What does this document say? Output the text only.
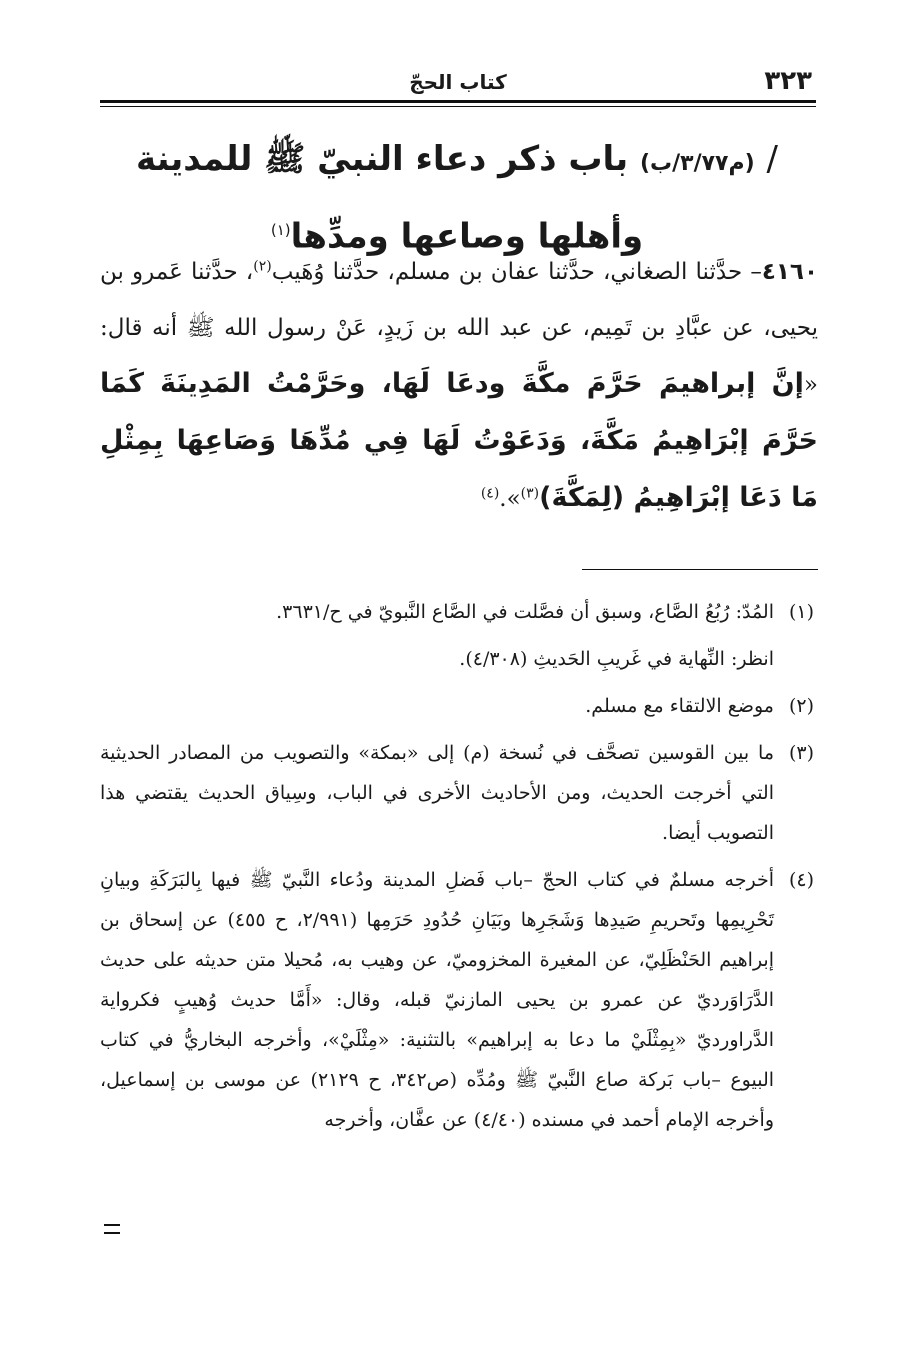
كتاب الحجّ	٣٢٣
/ (م٣/٧٧/ب) باب ذكر دعاء النبيّ ﷺ للمدينة وأهلها وصاعها ومدِّها$^{(١)}$
٤١٦٠– حدَّثنا الصغاني، حدَّثنا عفان بن مسلم، حدَّثنا وُهَيب$^{(٢)}$، حدَّثنا عَمرو بن يحيى، عن عبَّادِ بن تَمِيم، عن عبد الله بن زَيدٍ، عَنْ رسول الله ﷺ أنه قال: «إنَّ إبراهيمَ حَرَّمَ مكَّةَ ودعَا لَهَا، وحَرَّمْتُ المَدِينَةَ كَمَا حَرَّمَ إبْرَاهِيمُ مَكَّةَ، وَدَعَوْتُ لَهَا فِي مُدِّهَا وَصَاعِهَا بِمِثْلِ مَا دَعَا إبْرَاهِيمُ (لِمَكَّةَ)$^{(٣)}$».$^{(٤)}$
(١)
المُدّ: رُبُعُ الصَّاع، وسبق أن فصَّلت في الصَّاع النَّبويّ في ح/٣٦٣١.
انظر: النِّهاية في غَريبِ الحَديثِ (٤/٣٠٨).
(٢)
موضع الالتقاء مع مسلم.
(٣)
ما بين القوسين تصحَّف في نُسخة (م) إلى «بمكة» والتصويب من المصادر الحديثية التي أخرجت الحديث، ومن الأحاديث الأخرى في الباب، وسِياق الحديث يقتضي هذا التصويب أيضا.
(٤)
أخرجه مسلمٌ في كتاب الحجّ –باب فَضلِ المدينة ودُعاء النَّبيّ ﷺ فيها بِالبَرَكَةِ وبيانِ تَحْرِيمِها وتَحريمِ صَيدِها وَشَجَرِها وبَيَانِ حُدُودِ حَرَمِها (٢/٩٩١، ح ٤٥٥) عن إسحاق بن إبراهيم الحَنْظَلِيّ، عن المغيرة المخزوميّ، عن وهيب به، مُحيلا متن حديثه على حديث الدَّرَاوَرديّ عن عمرو بن يحيى المازنيّ قبله، وقال: «أَمَّا حديث وُهيبٍ فكرواية الدَّراورديّ «بِمِثْلَيْ ما دعا به إبراهيم» بالتثنية: «مِثْلَيْ»، وأخرجه البخاريُّ في كتاب البيوع –باب بَركة صاع النَّبيّ ﷺ ومُدِّه (ص٣٤٢، ح ٢١٢٩) عن موسى بن إسماعيل، وأخرجه الإمام أحمد في مسنده (٤/٤٠) عن عفَّان، وأخرجه
